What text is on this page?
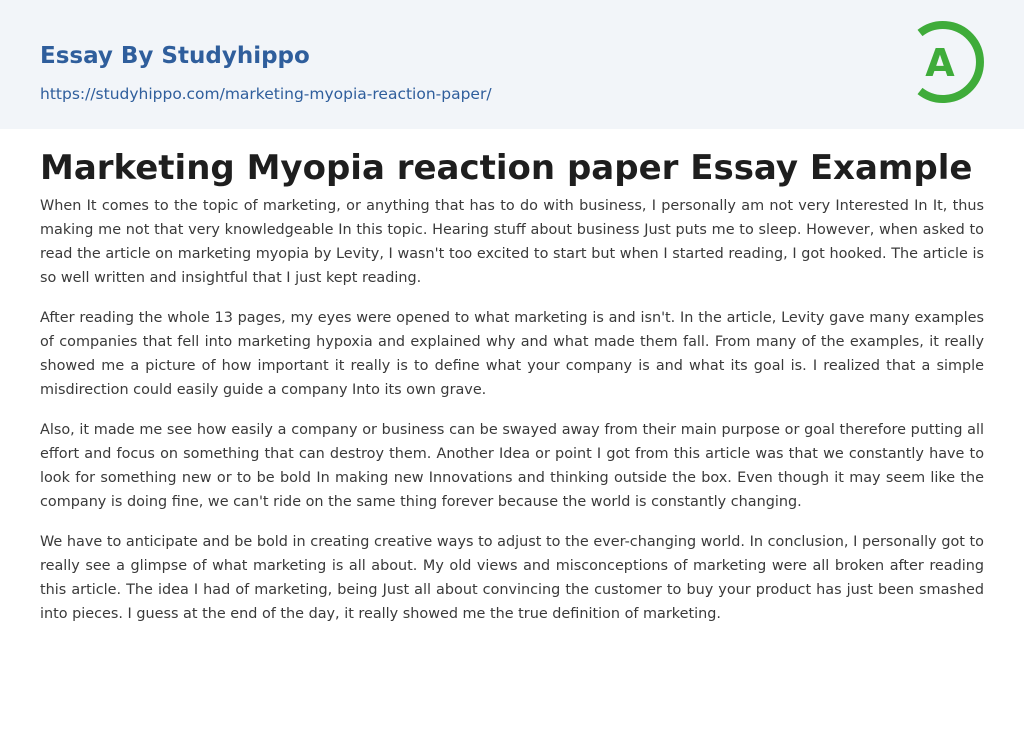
Essay By Studyhippo
https://studyhippo.com/marketing-myopia-reaction-paper/
A
Marketing Myopia reaction paper Essay Example

When It comes to the topic of marketing, or anything that has to do with business, I personally am not very Interested In It, thus making me not that very knowledgeable In this topic. Hearing stuff about business Just puts me to sleep. However, when asked to read the article on marketing myopia by Levity, I wasn't too excited to start but when I started reading, I got hooked. The article is so well written and insightful that I just kept reading.

After reading the whole 13 pages, my eyes were opened to what marketing is and isn't. In the article, Levity gave many examples of companies that fell into marketing hypoxia and explained why and what made them fall. From many of the examples, it really showed me a picture of how important it really is to define what your company is and what its goal is. I realized that a simple misdirection could easily guide a company Into its own grave.

Also, it made me see how easily a company or business can be swayed away from their main purpose or goal therefore putting all effort and focus on something that can destroy them. Another Idea or point I got from this article was that we constantly have to look for something new or to be bold In making new Innovations and thinking outside the box. Even though it may seem like the company is doing fine, we can't ride on the same thing forever because the world is constantly changing.

We have to anticipate and be bold in creating creative ways to adjust to the ever-changing world. In conclusion, I personally got to really see a glimpse of what marketing is all about. My old views and misconceptions of marketing were all broken after reading this article. The idea I had of marketing, being Just all about convincing the customer to buy your product has just been smashed into pieces. I guess at the end of the day, it really showed me the true definition of marketing.
